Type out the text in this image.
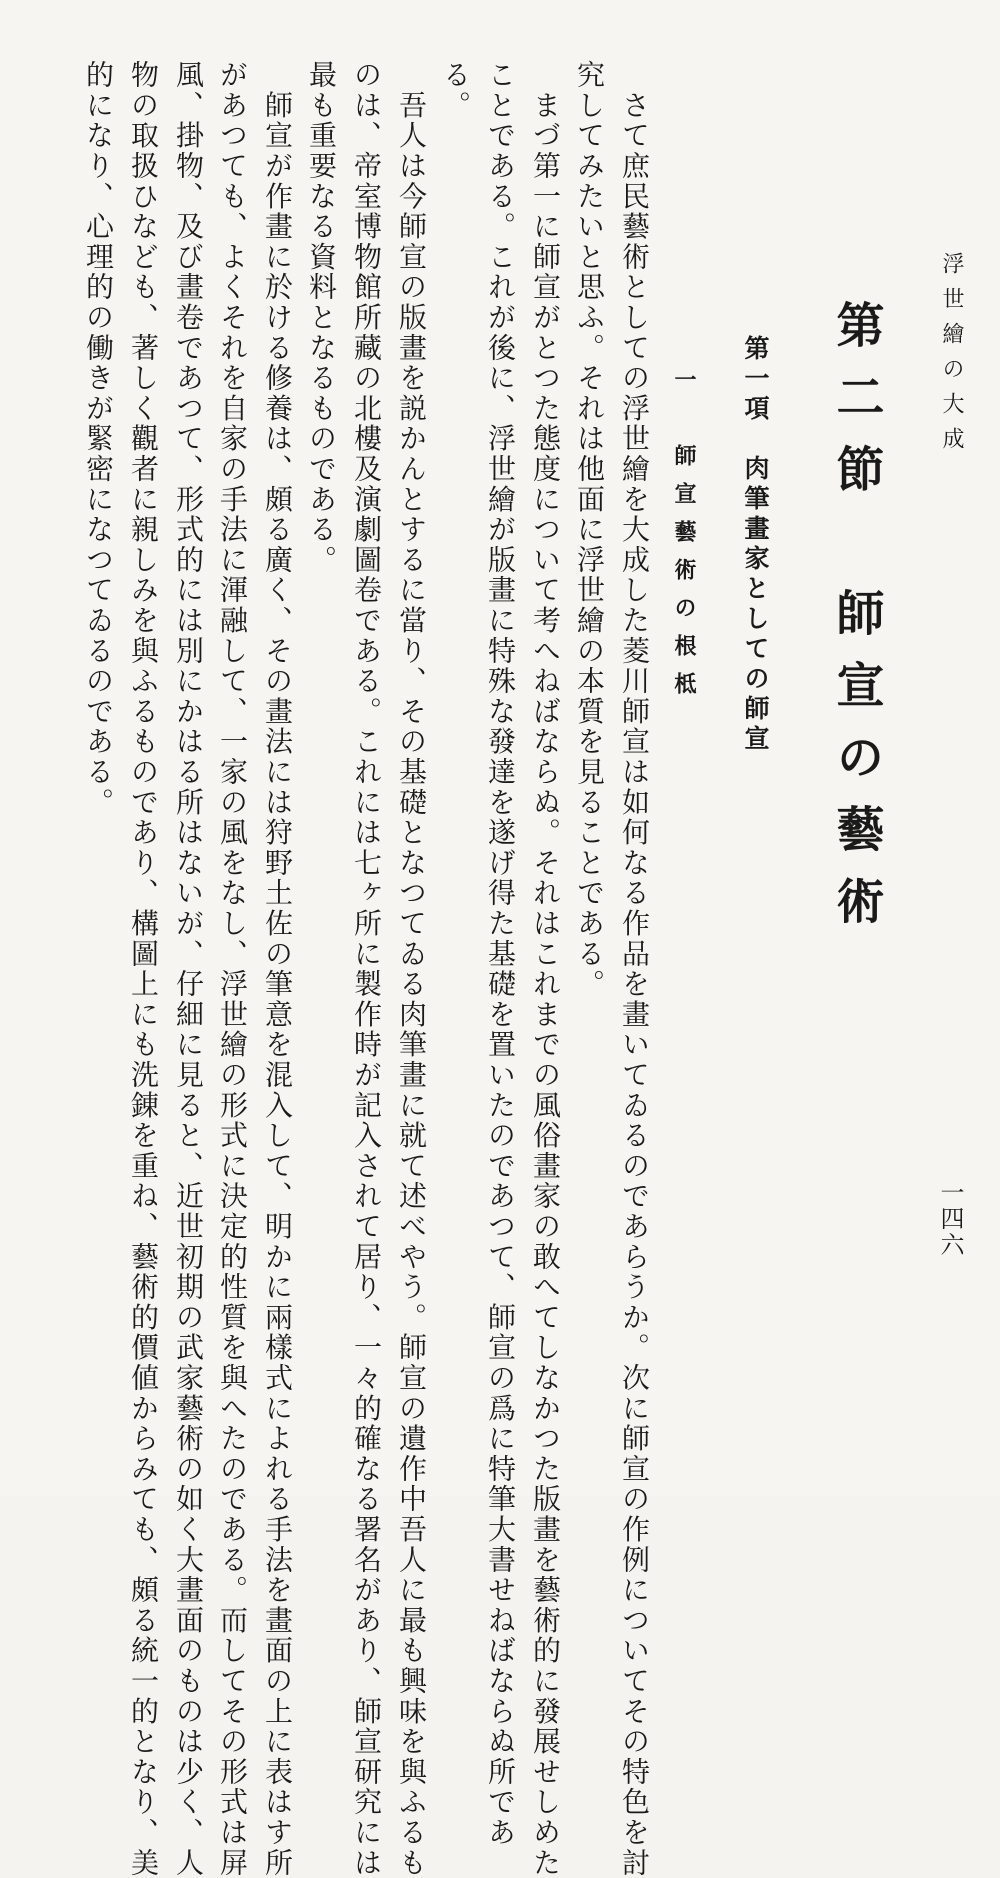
浮世繪の大成
一四六
第二節　師宣の藝術
第一項　肉筆畫家としての師宣
一　師宣藝術の根柢
　さて庶民藝術としての浮世繪を大成した菱川師宣は如何なる作品を畫いてゐるのであらうか。次に師宣の作例についてその特色を討
究してみたいと思ふ。それは他面に浮世繪の本質を見ることである。
　まづ第一に師宣がとつた態度について考へねばならぬ。それはこれまでの風俗畫家の敢へてしなかつた版畫を藝術的に發展せしめた
ことである。これが後に、浮世繪が版畫に特殊な發達を遂げ得た基礎を置いたのであつて、師宣の爲に特筆大書せねばならぬ所であ
る。
　吾人は今師宣の版畫を説かんとするに當り、その基礎となつてゐる肉筆畫に就て述べやう。師宣の遺作中吾人に最も興味を與ふるも
のは、帝室博物館所藏の北樓及演劇圖卷である。これには七ヶ所に製作時が記入されて居り、一々的確なる署名があり、師宣研究には
最も重要なる資料となるものである。
　師宣が作畫に於ける修養は、頗る廣く、その畫法には狩野土佐の筆意を混入して、明かに兩樣式によれる手法を畫面の上に表はす所
があつても、よくそれを自家の手法に渾融して、一家の風をなし、浮世繪の形式に決定的性質を與へたのである。而してその形式は屏
風、掛物、及び畫卷であつて、形式的には別にかはる所はないが、仔細に見ると、近世初期の武家藝術の如く大畫面のものは少く、人
物の取扱ひなども、著しく觀者に親しみを與ふるものであり、構圖上にも洗錬を重ね、藝術的價値からみても、頗る統一的となり、美
的になり、心理的の働きが緊密になつてゐるのである。
